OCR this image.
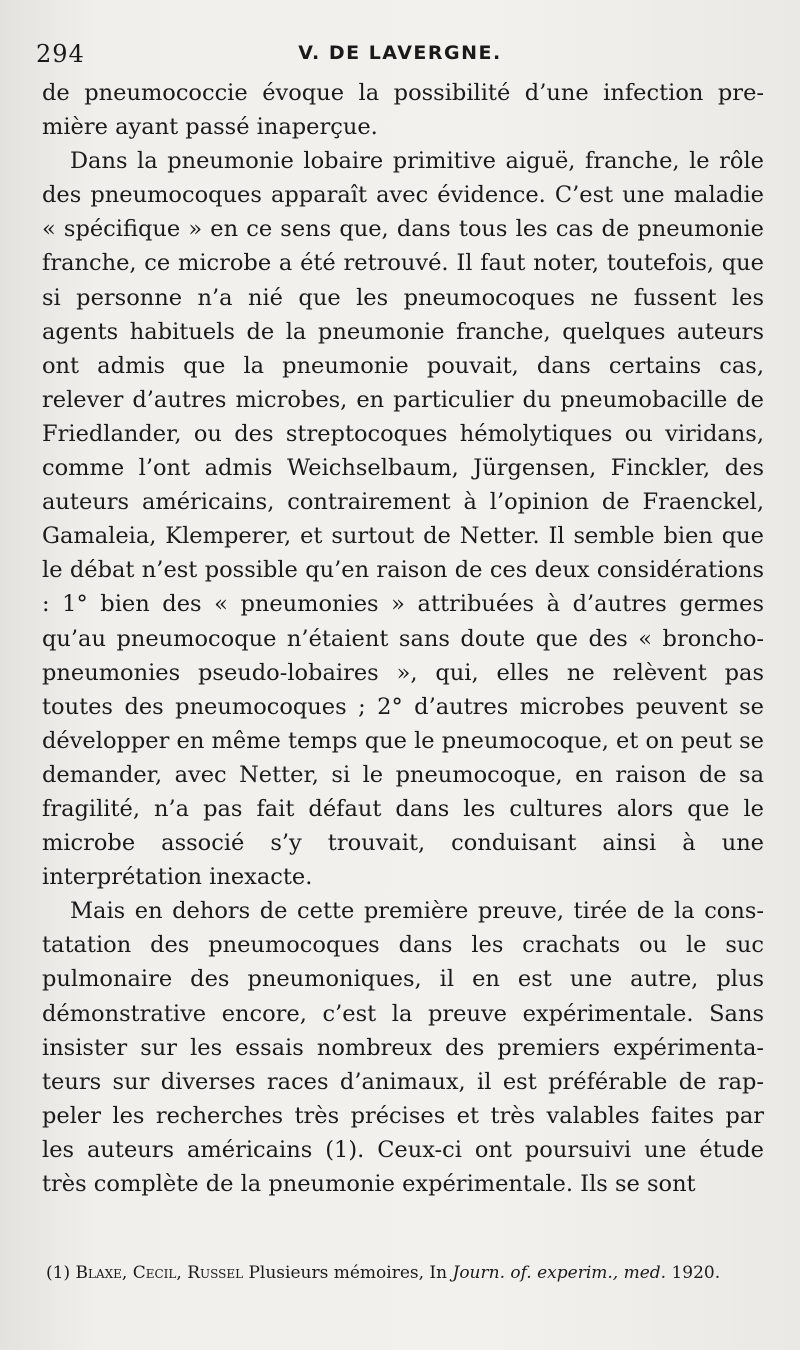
294	V. DE LAVERGNE.

de pneumococcie évoque la possibilité d’une infection première ayant passé inaperçue.

Dans la pneumonie lobaire primitive aiguë, franche, le rôle des pneumocoques apparaît avec évidence. C’est une maladie « spécifique » en ce sens que, dans tous les cas de pneumonie franche, ce microbe a été retrouvé. Il faut noter, toutefois, que si personne n’a nié que les pneumocoques ne fussent les agents habituels de la pneumonie franche, quelques auteurs ont admis que la pneumonie pouvait, dans certains cas, relever d’autres microbes, en particulier du pneumobacille de Friedlander, ou des streptocoques hémolytiques ou viridans, comme l’ont admis Weichselbaum, Jürgensen, Finckler, des auteurs américains, contrairement à l’opinion de Fraenckel, Gamaleia, Klemperer, et surtout de Netter. Il semble bien que le débat n’est possible qu’en raison de ces deux considérations : 1° bien des « pneumonies » attribuées à d’autres germes qu’au pneumocoque n’étaient sans doute que des « broncho-pneumonies pseudo-lobaires », qui, elles ne relèvent pas toutes des pneumocoques ; 2° d’autres microbes peuvent se développer en même temps que le pneumocoque, et on peut se demander, avec Netter, si le pneumocoque, en raison de sa fragilité, n’a pas fait défaut dans les cultures alors que le microbe associé s’y trouvait, conduisant ainsi à une interprétation inexacte.

Mais en dehors de cette première preuve, tirée de la constatation des pneumocoques dans les crachats ou le suc pulmonaire des pneumoniques, il en est une autre, plus démonstrative encore, c’est la preuve expérimentale. Sans insister sur les essais nombreux des premiers expérimentateurs sur diverses races d’animaux, il est préférable de rappeler les recherches très précises et très valables faites par les auteurs américains (1). Ceux-ci ont poursuivi une étude très complète de la pneumonie expérimentale. Ils se sont

(1) Blaxe, Cecil, Russel Plusieurs mémoires, In Journ. of. experim., med. 1920.
